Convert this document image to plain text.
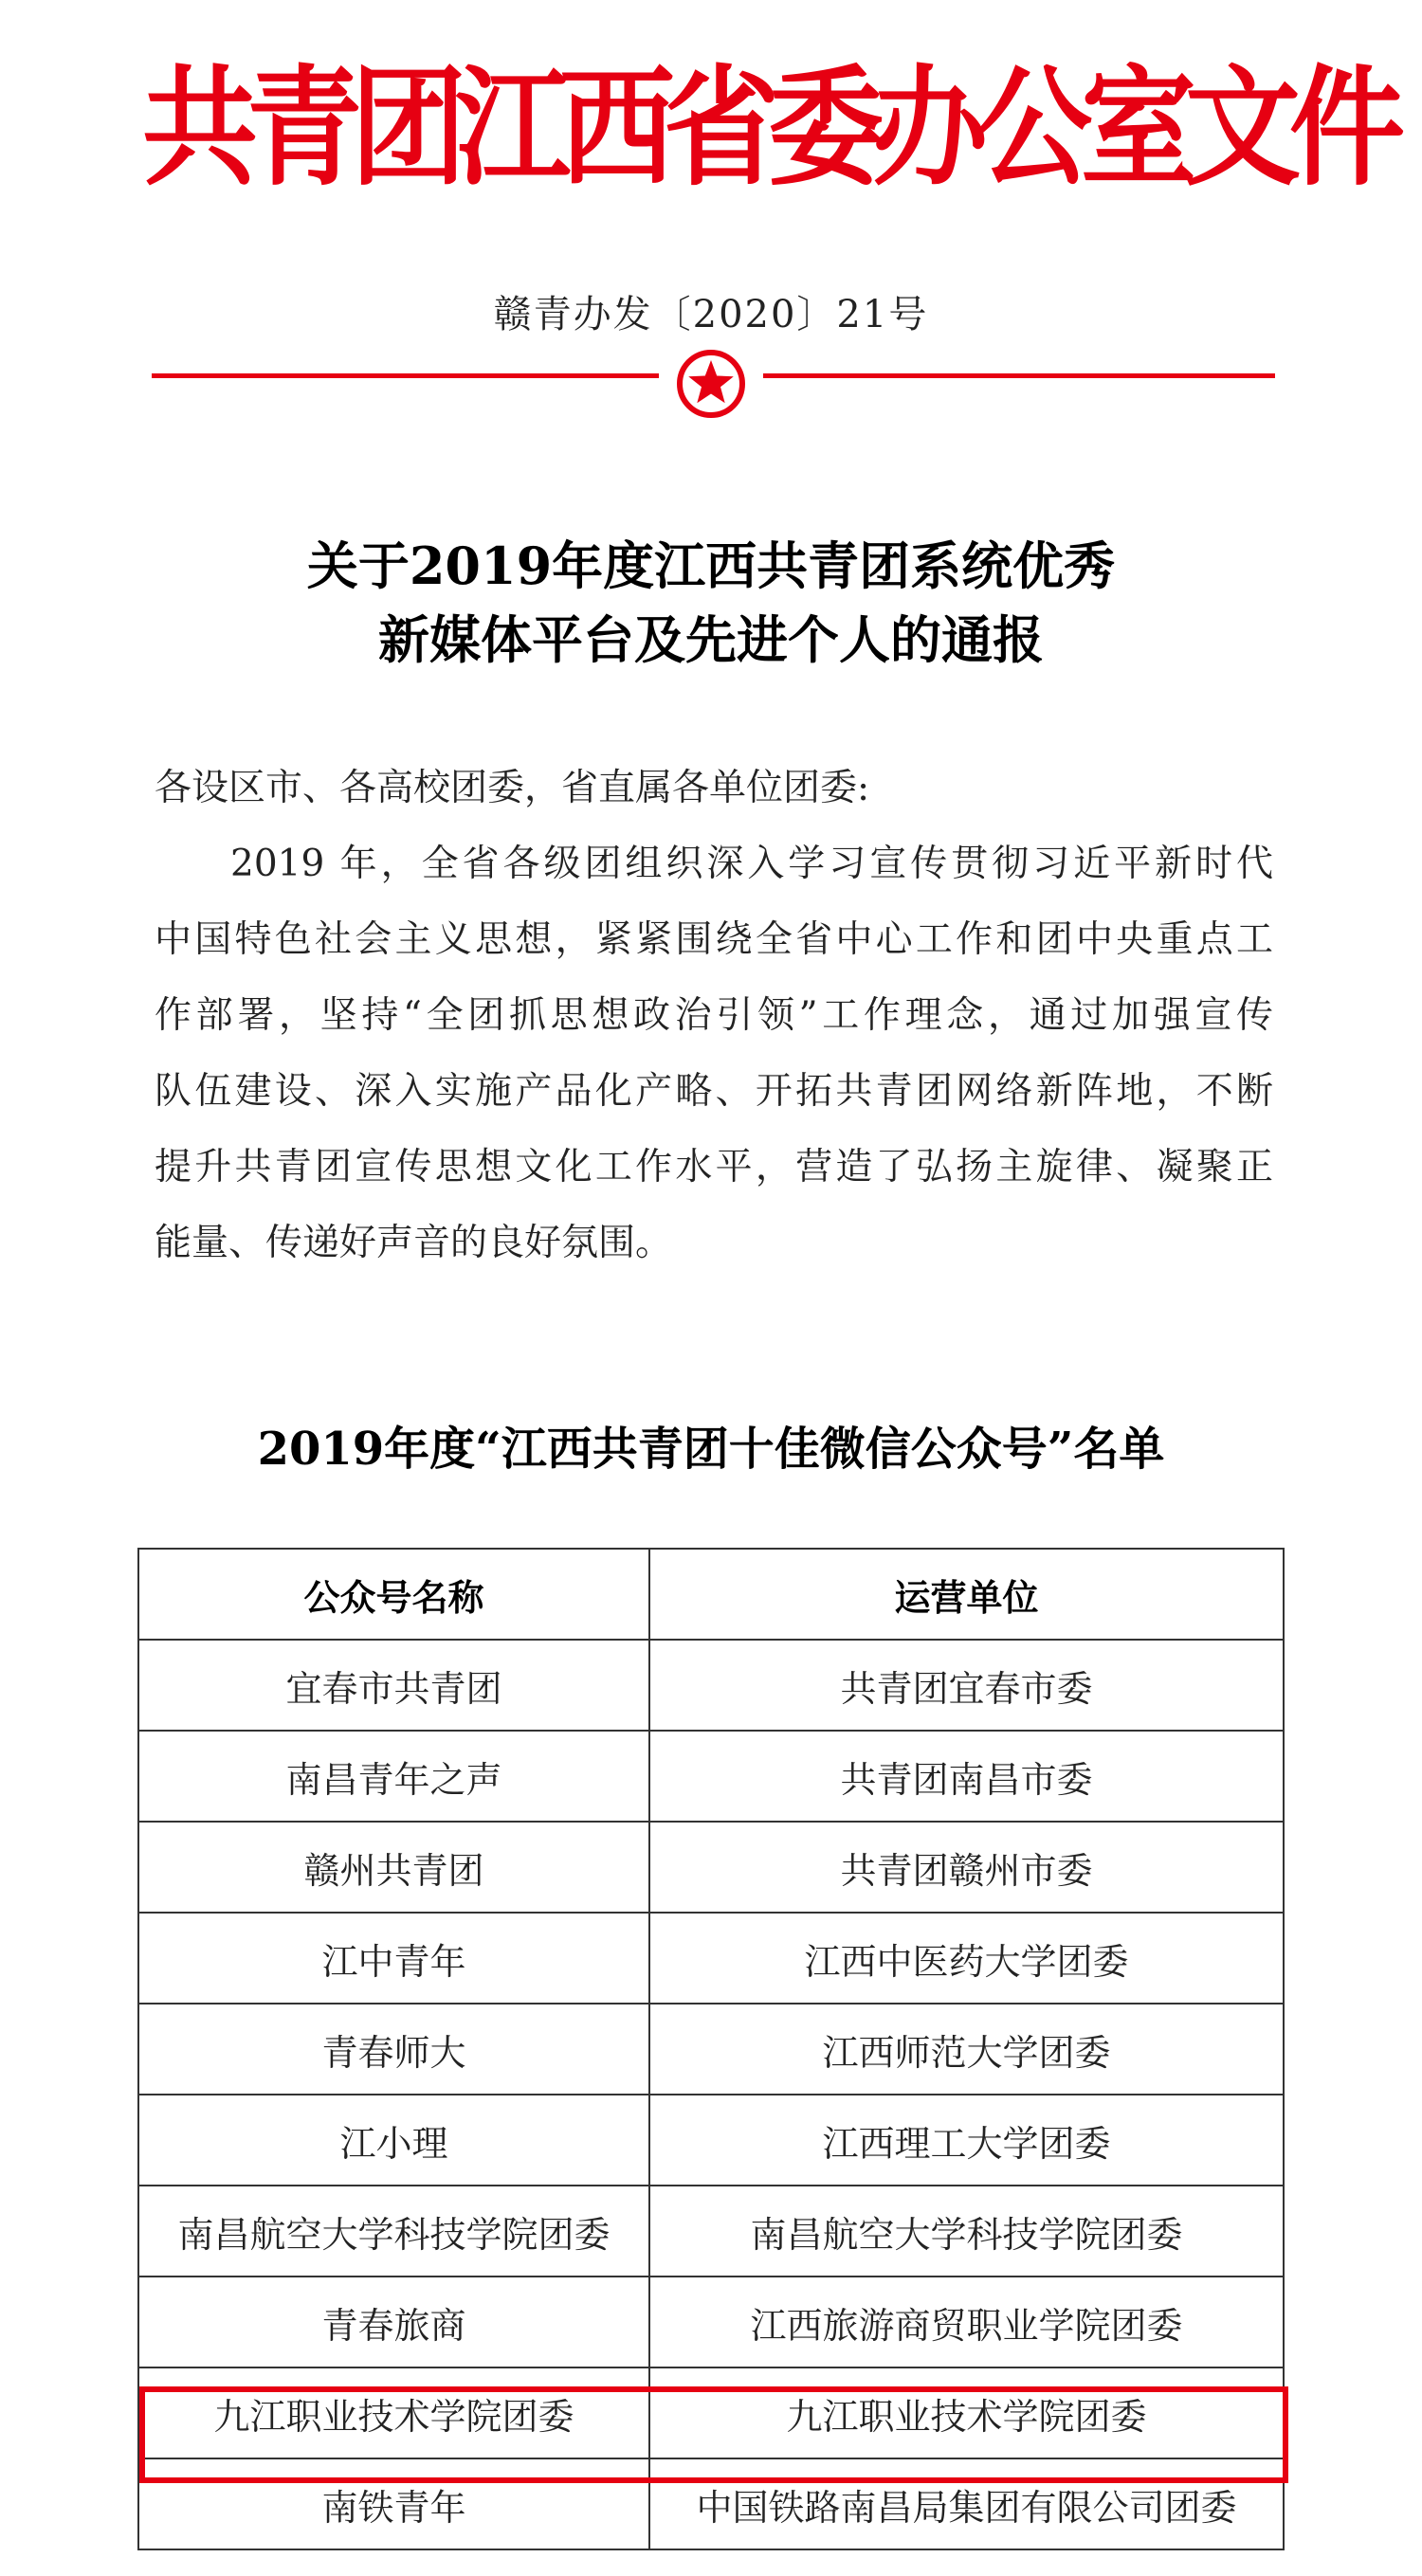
共青团江西省委办公室文件
赣青办发〔2020〕21号
关于2019年度江西共青团系统优秀
新媒体平台及先进个人的通报
各设区市、各高校团委，省直属各单位团委:
2019 年，全省各级团组织深入学习宣传贯彻习近平新时代
中国特色社会主义思想，紧紧围绕全省中心工作和团中央重点工
作部署，坚持“全团抓思想政治引领”工作理念，通过加强宣传
队伍建设、深入实施产品化产略、开拓共青团网络新阵地，不断
提升共青团宣传思想文化工作水平，营造了弘扬主旋律、凝聚正
能量、传递好声音的良好氛围。
2019年度“江西共青团十佳微信公众号”名单
公众号名称	运营单位
宜春市共青团	共青团宜春市委
南昌青年之声	共青团南昌市委
赣州共青团	共青团赣州市委
江中青年	江西中医药大学团委
青春师大	江西师范大学团委
江小理	江西理工大学团委
南昌航空大学科技学院团委	南昌航空大学科技学院团委
青春旅商	江西旅游商贸职业学院团委
九江职业技术学院团委	九江职业技术学院团委
南铁青年	中国铁路南昌局集团有限公司团委
